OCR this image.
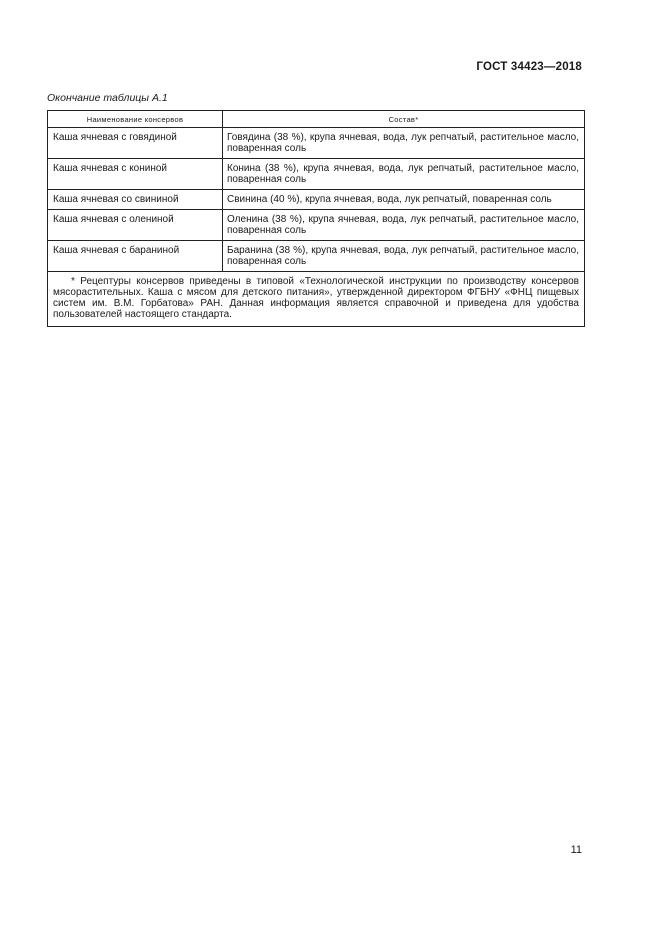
ГОСТ 34423—2018
Окончание таблицы А.1
Наименование консервов	Состав*
Каша ячневая с говядиной	Говядина (38 %), крупа ячневая, вода, лук репчатый, растительное масло, поваренная соль
Каша ячневая с кониной	Конина (38 %), крупа ячневая, вода, лук репчатый, растительное масло, поваренная соль
Каша ячневая со свининой	Свинина (40 %), крупа ячневая, вода, лук репчатый, поваренная соль
Каша ячневая с олениной	Оленина (38 %), крупа ячневая, вода, лук репчатый, растительное масло, поваренная соль
Каша ячневая с бараниной	Баранина (38 %), крупа ячневая, вода, лук репчатый, растительное масло, поваренная соль

* Рецептуры консервов приведены в типовой «Технологической инструкции по производству консервов мясорастительных. Каша с мясом для детского питания», утвержденной директором ФГБНУ «ФНЦ пищевых систем им. В.М. Горбатова» РАН. Данная информация является справочной и приведена для удобства пользователей настоящего стандарта.	
11
